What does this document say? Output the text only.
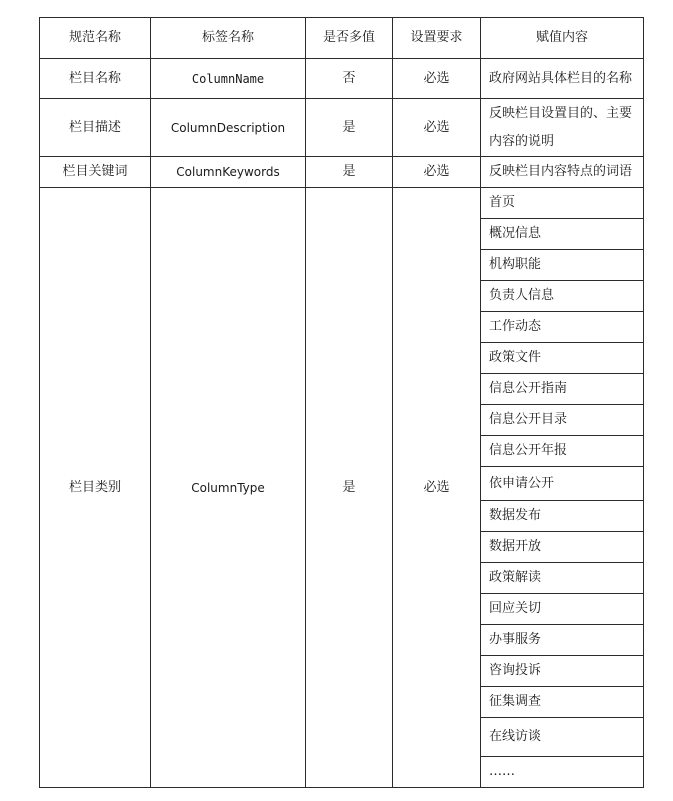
规范名称	标签名称	是否多值	设置要求	赋值内容
栏目名称	ColumnName	否	必选	政府网站具体栏目的名称
栏目描述	ColumnDescription	是	必选	反映栏目设置目的、主要
内容的说明
栏目关键词	ColumnKeywords	是	必选	反映栏目内容特点的词语
栏目类别	ColumnType	是	必选	首页
				概况信息
				机构职能
				负责人信息
				工作动态
				政策文件
				信息公开指南
				信息公开目录
				信息公开年报
				依申请公开
				数据发布
				数据开放
				政策解读
				回应关切
				办事服务
				咨询投诉
				征集调查
				在线访谈
				……
